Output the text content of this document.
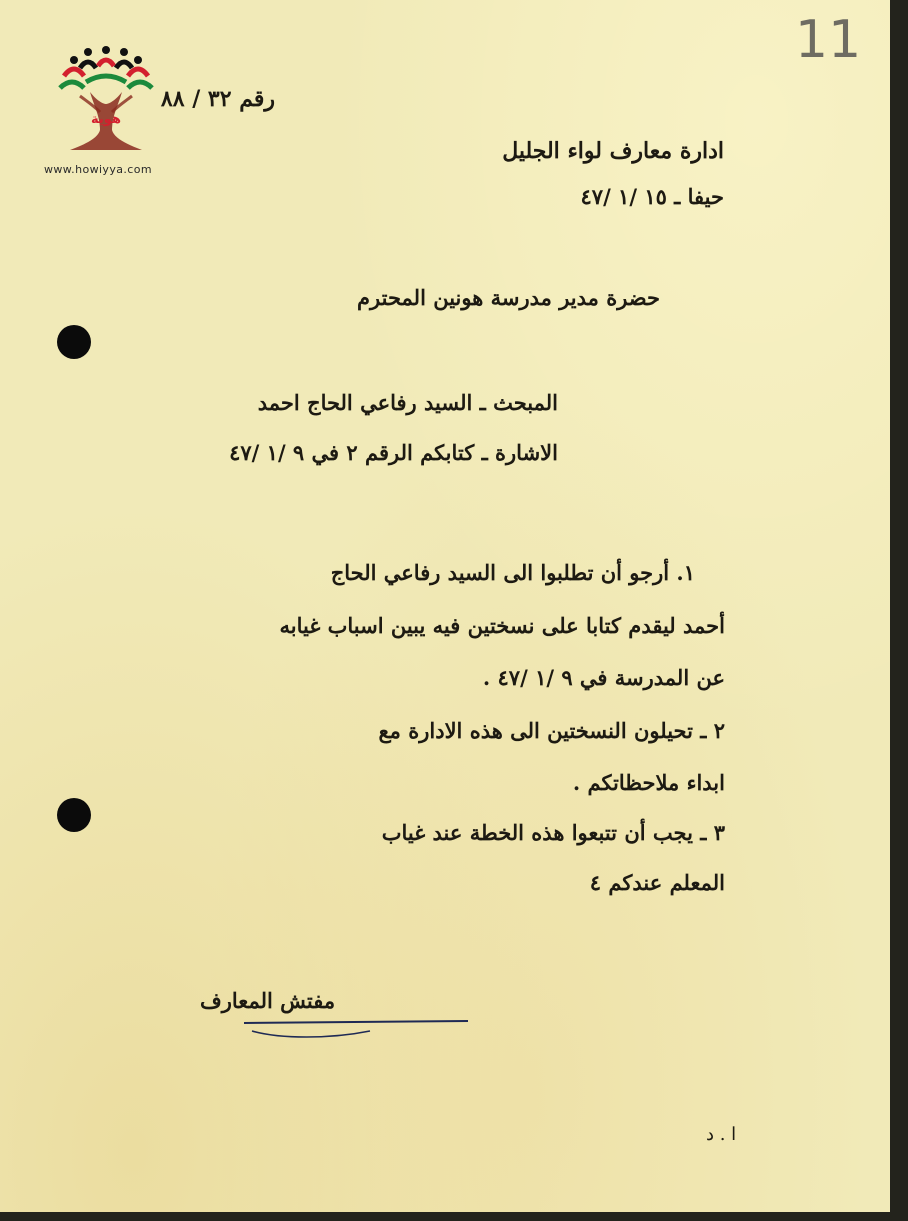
هوية
www.howiyya.com
رقم ٣٢ / ٨٨
11
ادارة معارف لواء الجليل
حيفا ـ ١٥ /١ /٤٧
حضرة مدير مدرسة هونين المحترم
المبحث ـ السيد رفاعي الحاج احمد
الاشارة ـ كتابكم الرقم ٢ في ٩ /١ /٤٧
١. أرجو أن تطلبوا الى السيد رفاعي الحاج
أحمد ليقدم كتابا على نسختين فيه يبين اسباب غيابه
عن المدرسة في ٩ /١ /٤٧ .
٢ ـ تحيلون النسختين الى هذه الادارة مع
ابداء ملاحظاتكم .
٣ ـ يجب أن تتبعوا هذه الخطة عند غياب
المعلم عندكم ٤
مفتش المعارف
ا . د
